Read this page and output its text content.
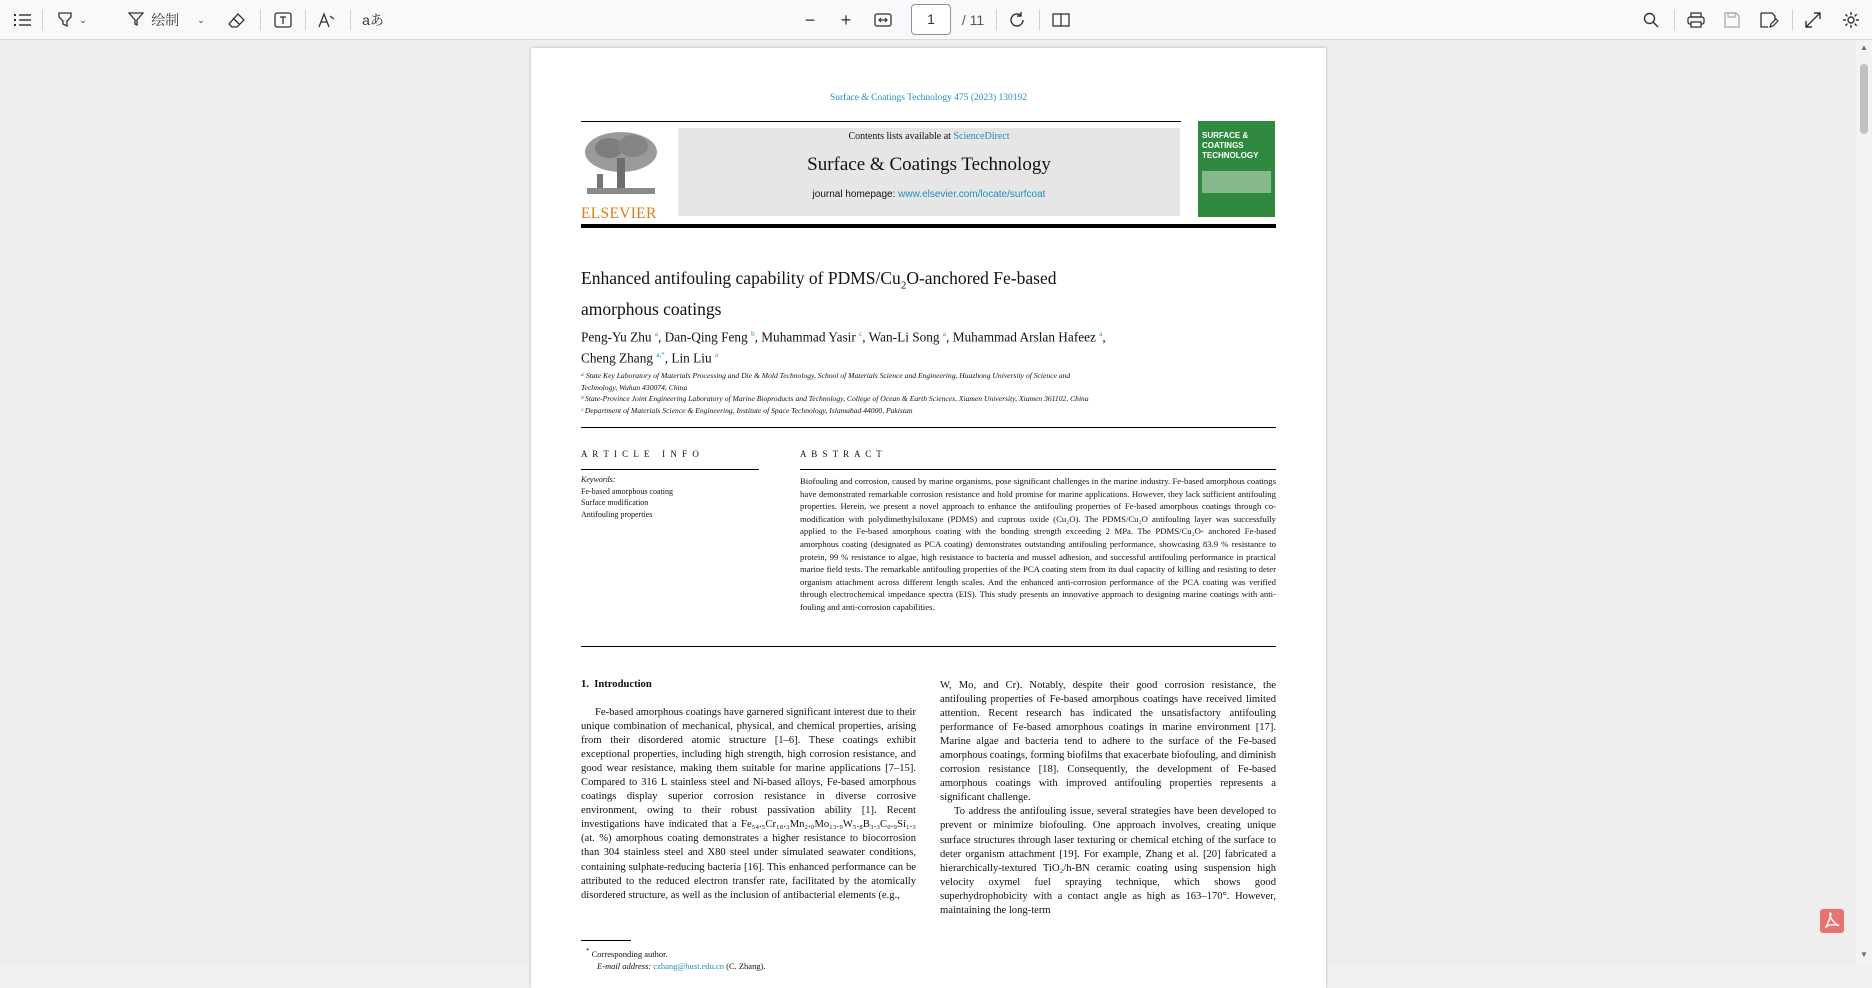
⌄	绘制 ⌄	aあ	−	+	1	/ 11
Surface & Coatings Technology 475 (2023) 130192
ELSEVIER
Contents lists available at ScienceDirect
Surface & Coatings Technology
journal homepage: www.elsevier.com/locate/surfcoat
SURFACE & COATINGS TECHNOLOGY
Enhanced antifouling capability of PDMS/$Cu_2O$-anchored Fe-based
amorphous coatings
Peng-Yu Zhu $^a$, Dan-Qing Feng $^b$, Muhammad Yasir $^c$, Wan-Li Song $^a$, Muhammad Arslan Hafeez $^a$,
Cheng Zhang $^{a,*}$, Lin Liu $^a$
ᵃ State Key Laboratory of Materials Processing and Die & Mold Technology, School of Materials Science and Engineering, Huazhong University of Science and
Technology, Wuhan 430074, China
ᵇ State-Province Joint Engineering Laboratory of Marine Bioproducts and Technology, College of Ocean & Earth Sciences, Xiamen University, Xiamen 361102, China
ᶜ Department of Materials Science & Engineering, Institute of Space Technology, Islamabad 44000, Pakistan
A R T I C L E   I N F O
Keywords:
Fe-based amorphous coating
Surface modification
Antifouling properties
A B S T R A C T
Biofouling and corrosion, caused by marine organisms, pose significant challenges in the marine industry. Fe-based amorphous coatings have demonstrated remarkable corrosion resistance and hold promise for marine applications. However, they lack sufficient antifouling properties. Herein, we present a novel approach to enhance the antifouling properties of Fe-based amorphous coatings through co-modification with polydimethylsiloxane (PDMS) and cuprous oxide (Cu₂O). The PDMS/Cu₂O antifouling layer was successfully applied to the Fe-based amorphous coating with the bonding strength exceeding 2 MPa. The PDMS/Cu₂O- anchored Fe-based amorphous coating (designated as PCA coating) demonstrates outstanding antifouling performance, showcasing 83.9 % resistance to protein, 99 % resistance to algae, high resistance to bacteria and mussel adhesion, and successful antifouling performance in practical marine field tests. The remarkable antifouling properties of the PCA coating stem from its dual capacity of killing and resisting to deter organism attachment across different length scales. And the enhanced anti-corrosion performance of the PCA coating was verified through electrochemical impedance spectra (EIS). This study presents an innovative approach to designing marine coatings with anti-fouling and anti-corrosion capabilities.
1.  Introduction

Fe-based amorphous coatings have garnered significant interest due to their unique combination of mechanical, physical, and chemical properties, arising from their disordered atomic structure [1–6]. These coatings exhibit exceptional properties, including high strength, high corrosion resistance, and good wear resistance, making them suitable for marine applications [7–15]. Compared to 316 L stainless steel and Ni-based alloys, Fe-based amorphous coatings display superior corrosion resistance in diverse corrosive environment, owing to their robust passivation ability [1]. Recent investigations have indicated that a Fe₅₄.₅Cr₁₈.₃Mn₂.₀Mo₁₃.₉W₅.₈B₃.₃C₀.₉Si₁.₃ (at. %) amorphous coating demonstrates a higher resistance to biocorrosion than 304 stainless steel and X80 steel under simulated seawater conditions, containing sulphate-reducing bacteria [16]. This enhanced performance can be attributed to the reduced electron transfer rate, facilitated by the atomically disordered structure, as well as the inclusion of antibacterial elements (e.g.,

W, Mo, and Cr). Notably, despite their good corrosion resistance, the antifouling properties of Fe-based amorphous coatings have received limited attention. Recent research has indicated the unsatisfactory antifouling performance of Fe-based amorphous coatings in marine environment [17]. Marine algae and bacteria tend to adhere to the surface of the Fe-based amorphous coatings, forming biofilms that exacerbate biofouling, and diminish corrosion resistance [18]. Consequently, the development of Fe-based amorphous coatings with improved antifouling properties represents a significant challenge.

To address the antifouling issue, several strategies have been developed to prevent or minimize biofouling. One approach involves, creating unique surface structures through laser texturing or chemical etching of the surface to deter organism attachment [19]. For example, Zhang et al. [20] fabricated a hierarchically-textured TiO₂/h-BN ceramic coating using suspension high velocity oxymel fuel spraying technique, which shows good superhydrophobicity with a contact angle as high as 163–170°. However, maintaining the long-term

* Corresponding author.
E-mail address: czhang@hust.edu.cn (C. Zhang).
▲
▼
